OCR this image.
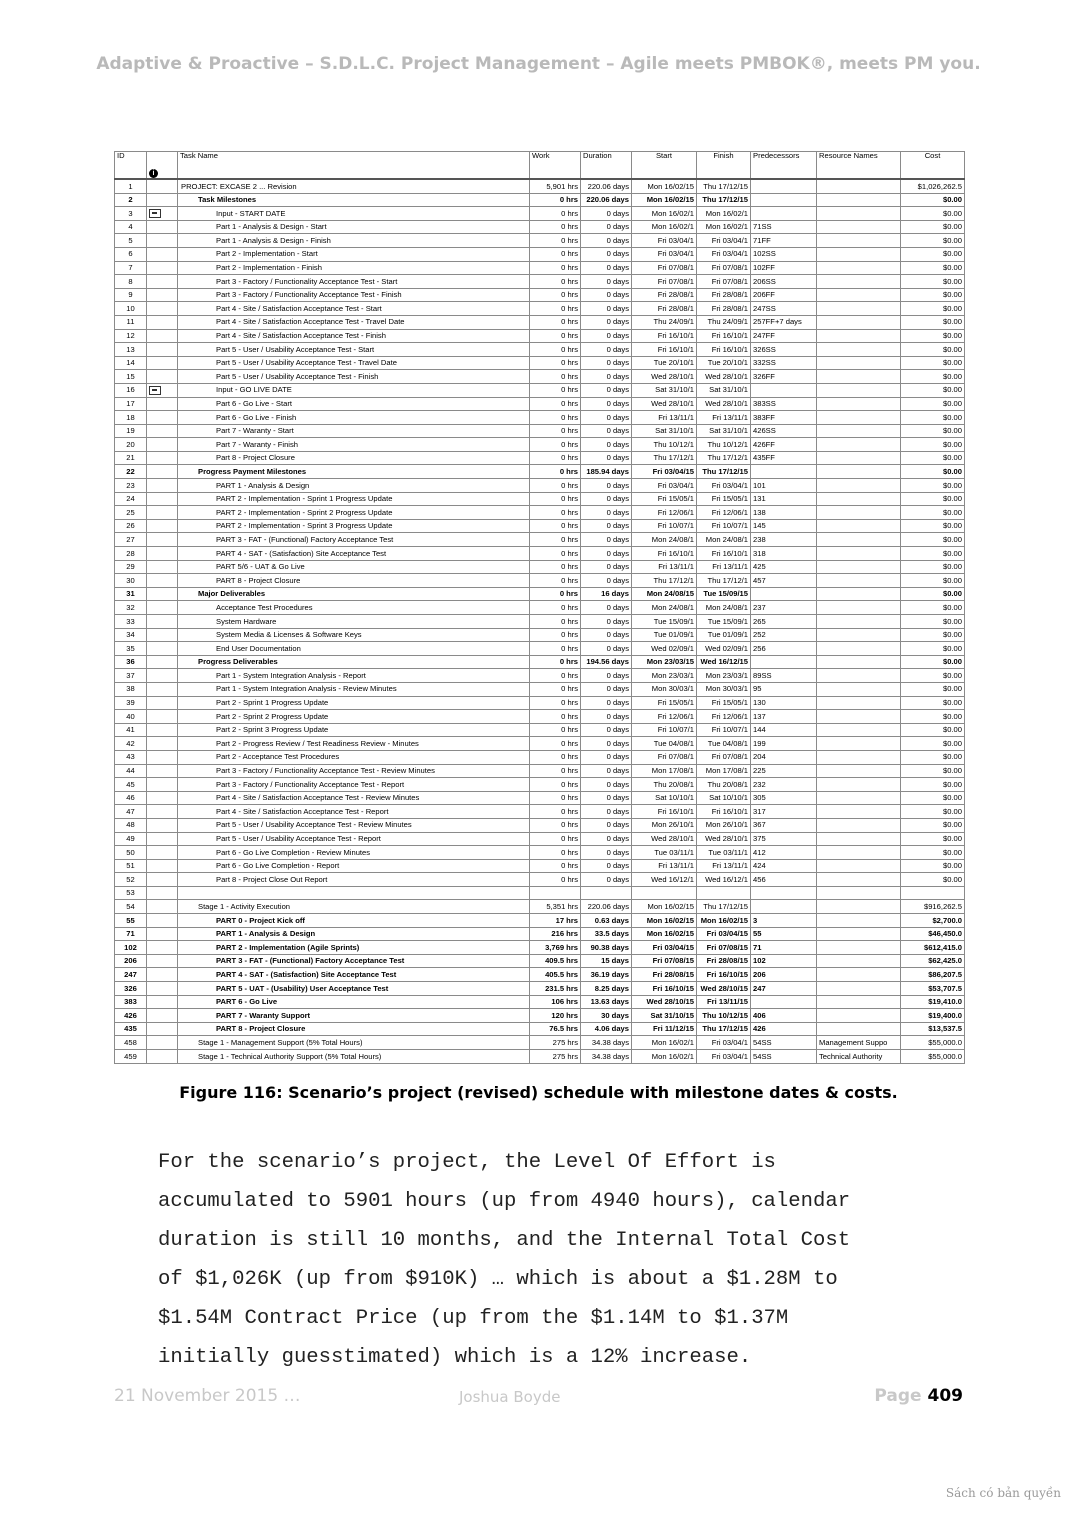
Adaptive & Proactive – S.D.L.C. Project Management – Agile meets PMBOK®, meets PM you.
ID		Task Name	Work	Duration	Start	Finish	Predecessors	Resource Names	Cost
	i								
1		PROJECT: EXCASE 2 ... Revision	5,901 hrs	220.06 days	Mon 16/02/15	Thu 17/12/15			$1,026,262.5
2		Task Milestones	0 hrs	220.06 days	Mon 16/02/15	Thu 17/12/15			$0.00
3		Input - START DATE	0 hrs	0 days	Mon 16/02/1	Mon 16/02/1			$0.00
4		Part 1 - Analysis & Design - Start	0 hrs	0 days	Mon 16/02/1	Mon 16/02/1	71SS		$0.00
5		Part 1 - Analysis & Design - Finish	0 hrs	0 days	Fri 03/04/1	Fri 03/04/1	71FF		$0.00
6		Part 2 - Implementation - Start	0 hrs	0 days	Fri 03/04/1	Fri 03/04/1	102SS		$0.00
7		Part 2 - Implementation - Finish	0 hrs	0 days	Fri 07/08/1	Fri 07/08/1	102FF		$0.00
8		Part 3 - Factory / Functionality Acceptance Test - Start	0 hrs	0 days	Fri 07/08/1	Fri 07/08/1	206SS		$0.00
9		Part 3 - Factory / Functionality Acceptance Test - Finish	0 hrs	0 days	Fri 28/08/1	Fri 28/08/1	206FF		$0.00
10		Part 4 - Site / Satisfaction Acceptance Test - Start	0 hrs	0 days	Fri 28/08/1	Fri 28/08/1	247SS		$0.00
11		Part 4 - Site / Satisfaction Acceptance Test - Travel Date	0 hrs	0 days	Thu 24/09/1	Thu 24/09/1	257FF+7 days		$0.00
12		Part 4 - Site / Satisfaction Acceptance Test - Finish	0 hrs	0 days	Fri 16/10/1	Fri 16/10/1	247FF		$0.00
13		Part 5 - User / Usability Acceptance Test - Start	0 hrs	0 days	Fri 16/10/1	Fri 16/10/1	326SS		$0.00
14		Part 5 - User / Usability Acceptance Test - Travel Date	0 hrs	0 days	Tue 20/10/1	Tue 20/10/1	332SS		$0.00
15		Part 5 - User / Usability Acceptance Test - Finish	0 hrs	0 days	Wed 28/10/1	Wed 28/10/1	326FF		$0.00
16		Input - GO LIVE DATE	0 hrs	0 days	Sat 31/10/1	Sat 31/10/1			$0.00
17		Part 6 - Go Live - Start	0 hrs	0 days	Wed 28/10/1	Wed 28/10/1	383SS		$0.00
18		Part 6 - Go Live - Finish	0 hrs	0 days	Fri 13/11/1	Fri 13/11/1	383FF		$0.00
19		Part 7 - Waranty - Start	0 hrs	0 days	Sat 31/10/1	Sat 31/10/1	426SS		$0.00
20		Part 7 - Waranty - Finish	0 hrs	0 days	Thu 10/12/1	Thu 10/12/1	426FF		$0.00
21		Part 8 - Project Closure	0 hrs	0 days	Thu 17/12/1	Thu 17/12/1	435FF		$0.00
22		Progress Payment Milestones	0 hrs	185.94 days	Fri 03/04/15	Thu 17/12/15			$0.00
23		PART 1 - Analysis & Design	0 hrs	0 days	Fri 03/04/1	Fri 03/04/1	101		$0.00
24		PART 2 - Implementation - Sprint 1 Progress Update	0 hrs	0 days	Fri 15/05/1	Fri 15/05/1	131		$0.00
25		PART 2 - Implementation - Sprint 2 Progress Update	0 hrs	0 days	Fri 12/06/1	Fri 12/06/1	138		$0.00
26		PART 2 - Implementation - Sprint 3 Progress Update	0 hrs	0 days	Fri 10/07/1	Fri 10/07/1	145		$0.00
27		PART 3 - FAT - (Functional) Factory Acceptance Test	0 hrs	0 days	Mon 24/08/1	Mon 24/08/1	238		$0.00
28		PART 4 - SAT - (Satisfaction) Site Acceptance Test	0 hrs	0 days	Fri 16/10/1	Fri 16/10/1	318		$0.00
29		PART 5/6 - UAT & Go Live	0 hrs	0 days	Fri 13/11/1	Fri 13/11/1	425		$0.00
30		PART 8 - Project Closure	0 hrs	0 days	Thu 17/12/1	Thu 17/12/1	457		$0.00
31		Major Deliverables	0 hrs	16 days	Mon 24/08/15	Tue 15/09/15			$0.00
32		Acceptance Test Procedures	0 hrs	0 days	Mon 24/08/1	Mon 24/08/1	237		$0.00
33		System Hardware	0 hrs	0 days	Tue 15/09/1	Tue 15/09/1	265		$0.00
34		System Media & Licenses & Software Keys	0 hrs	0 days	Tue 01/09/1	Tue 01/09/1	252		$0.00
35		End User Documentation	0 hrs	0 days	Wed 02/09/1	Wed 02/09/1	256		$0.00
36		Progress Deliverables	0 hrs	194.56 days	Mon 23/03/15	Wed 16/12/15			$0.00
37		Part 1 - System Integration Analysis - Report	0 hrs	0 days	Mon 23/03/1	Mon 23/03/1	89SS		$0.00
38		Part 1 - System Integration Analysis - Review Minutes	0 hrs	0 days	Mon 30/03/1	Mon 30/03/1	95		$0.00
39		Part 2 - Sprint 1 Progress Update	0 hrs	0 days	Fri 15/05/1	Fri 15/05/1	130		$0.00
40		Part 2 - Sprint 2 Progress Update	0 hrs	0 days	Fri 12/06/1	Fri 12/06/1	137		$0.00
41		Part 2 - Sprint 3 Progress Update	0 hrs	0 days	Fri 10/07/1	Fri 10/07/1	144		$0.00
42		Part 2 - Progress Review / Test Readiness Review - Minutes	0 hrs	0 days	Tue 04/08/1	Tue 04/08/1	199		$0.00
43		Part 2 - Acceptance Test Procedures	0 hrs	0 days	Fri 07/08/1	Fri 07/08/1	204		$0.00
44		Part 3 - Factory / Functionality Acceptance Test - Review Minutes	0 hrs	0 days	Mon 17/08/1	Mon 17/08/1	225		$0.00
45		Part 3 - Factory / Functionality Acceptance Test - Report	0 hrs	0 days	Thu 20/08/1	Thu 20/08/1	232		$0.00
46		Part 4 - Site / Satisfaction Acceptance Test - Review Minutes	0 hrs	0 days	Sat 10/10/1	Sat 10/10/1	305		$0.00
47		Part 4 - Site / Satisfaction Acceptance Test - Report	0 hrs	0 days	Fri 16/10/1	Fri 16/10/1	317		$0.00
48		Part 5 - User / Usability Acceptance Test - Review Minutes	0 hrs	0 days	Mon 26/10/1	Mon 26/10/1	367		$0.00
49		Part 5 - User / Usability Acceptance Test - Report	0 hrs	0 days	Wed 28/10/1	Wed 28/10/1	375		$0.00
50		Part 6 - Go Live Completion - Review Minutes	0 hrs	0 days	Tue 03/11/1	Tue 03/11/1	412		$0.00
51		Part 6 - Go Live Completion - Report	0 hrs	0 days	Fri 13/11/1	Fri 13/11/1	424		$0.00
52		Part 8 - Project Close Out Report	0 hrs	0 days	Wed 16/12/1	Wed 16/12/1	456		$0.00
53									
54		Stage 1 - Activity Execution	5,351 hrs	220.06 days	Mon 16/02/15	Thu 17/12/15			$916,262.5
55		PART 0 - Project Kick off	17 hrs	0.63 days	Mon 16/02/15	Mon 16/02/15	3		$2,700.0
71		PART 1 - Analysis & Design	216 hrs	33.5 days	Mon 16/02/15	Fri 03/04/15	55		$46,450.0
102		PART 2 - Implementation (Agile Sprints)	3,769 hrs	90.38 days	Fri 03/04/15	Fri 07/08/15	71		$612,415.0
206		PART 3 - FAT - (Functional) Factory Acceptance Test	409.5 hrs	15 days	Fri 07/08/15	Fri 28/08/15	102		$62,425.0
247		PART 4 - SAT - (Satisfaction) Site Acceptance Test	405.5 hrs	36.19 days	Fri 28/08/15	Fri 16/10/15	206		$86,207.5
326		PART 5 - UAT - (Usability) User Acceptance Test	231.5 hrs	8.25 days	Fri 16/10/15	Wed 28/10/15	247		$53,707.5
383		PART 6 - Go Live	106 hrs	13.63 days	Wed 28/10/15	Fri 13/11/15			$19,410.0
426		PART 7 - Waranty Support	120 hrs	30 days	Sat 31/10/15	Thu 10/12/15	406		$19,400.0
435		PART 8 - Project Closure	76.5 hrs	4.06 days	Fri 11/12/15	Thu 17/12/15	426		$13,537.5
458		Stage 1 - Management Support (5% Total Hours)	275 hrs	34.38 days	Mon 16/02/1	Fri 03/04/1	54SS	Management Suppo	$55,000.0
459		Stage 1 - Technical Authority Support (5% Total Hours)	275 hrs	34.38 days	Mon 16/02/1	Fri 03/04/1	54SS	Technical Authority	$55,000.0
Figure 116: Scenario’s project (revised) schedule with milestone dates & costs.
For the scenario’s project, the Level Of Effort is
accumulated to 5901 hours (up from 4940 hours), calendar
duration is still 10 months, and the Internal Total Cost
of $1,026K (up from $910K) … which is about a $1.28M to
$1.54M Contract Price (up from the $1.14M to $1.37M
initially guesstimated) which is a 12% increase.
21 November 2015 …	Joshua Boyde	Page 409
Sách có bản quyền
